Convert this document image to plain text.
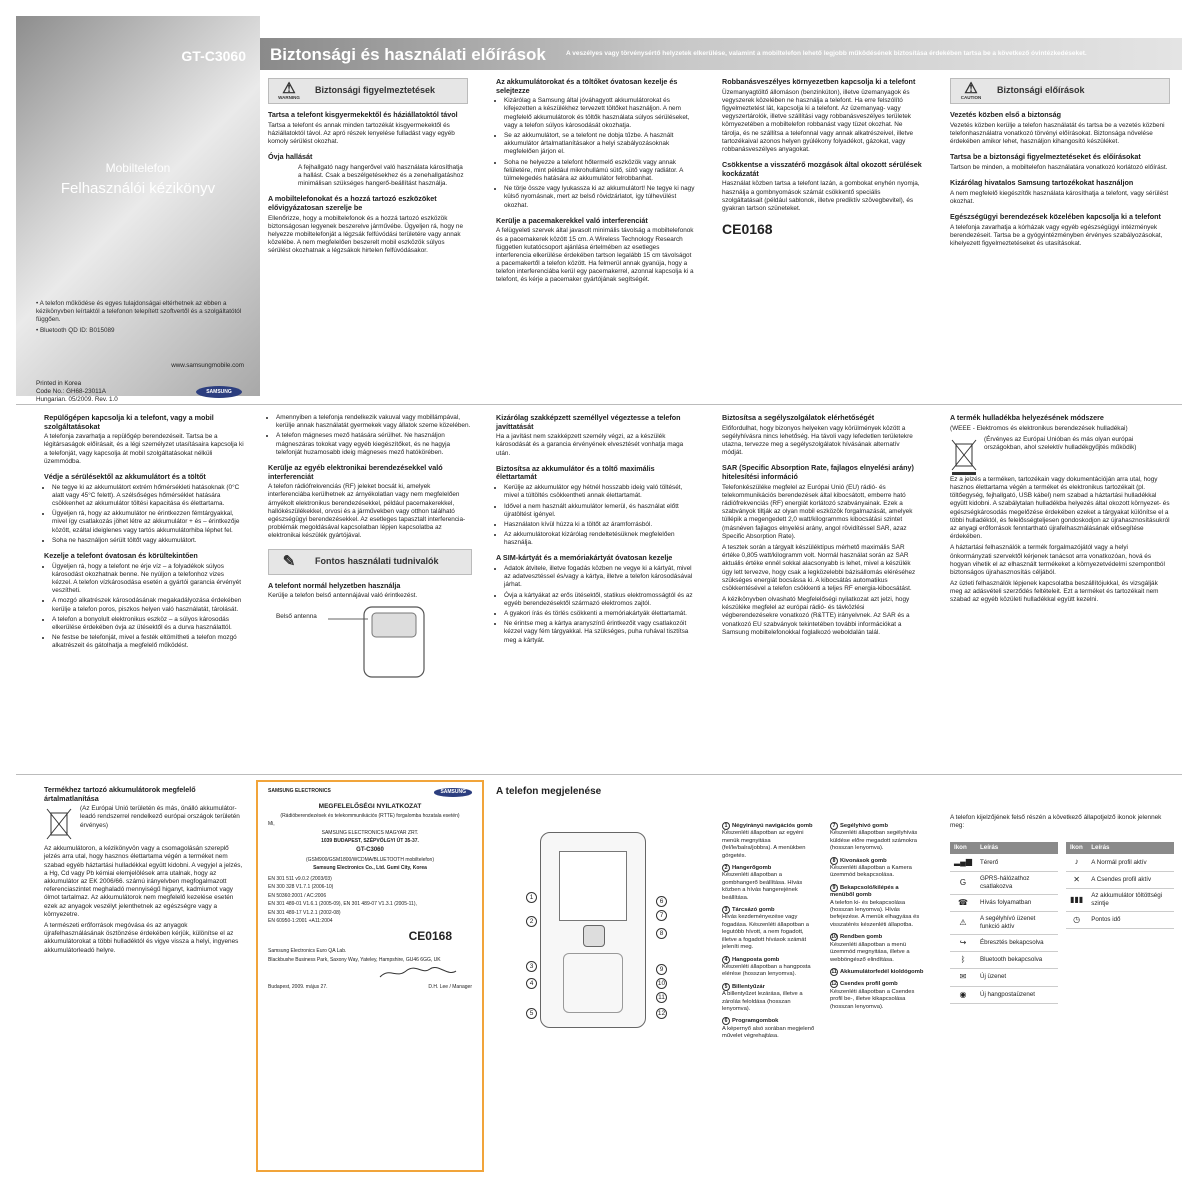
GT-C3060
Mobiltelefon
Felhasználói kézikönyv
• A telefon működése és egyes tulajdonságai eltérhetnek az ebben a kézikönyvben leírtaktól a telefonon telepített szoftvertől és a szolgáltatótól függően.
• Bluetooth QD ID: B015089
www.samsungmobile.com
Printed in Korea
Code No.: GH68-23011A
Hungarian. 05/2009. Rev. 1.0
SAMSUNG
Biztonsági és használati előírások	A veszélyes vagy törvénysértő helyzetek elkerülése, valamint a mobiltelefon lehető legjobb működésének biztosítása érdekében tartsa be a következő óvintézkedéseket.
⚠
WARNING
Biztonsági figyelmeztetések
Tartsa a telefont kisgyermekektől és háziállatoktól távol

Tartsa a telefont és annak minden tartozékát kisgyermekektől és háziállatoktól távol. Az apró részek lenyelése fulladást vagy egyéb komoly sérülést okozhat.

Óvja hallását

A fejhallgató nagy hangerővel való használata károsíthatja a hallást. Csak a beszélgetésekhez és a zenehallgatáshoz minimálisan szükséges hangerő-beállítást használja.

A mobiltelefonokat és a hozzá tartozó eszközöket elővigyázatosan szerelje be

Ellenőrizze, hogy a mobiltelefonok és a hozzá tartozó eszközök biztonságosan legyenek beszerelve járművébe. Ügyeljen rá, hogy ne helyezze mobiltelefonját a légzsák felfúvódási területére vagy annak közelébe. A nem megfelelően beszerelt mobil eszközök súlyos sérülést okozhatnak a légzsákok hirtelen felfúvódásakor.

Az akkumulátorokat és a töltőket óvatosan kezelje és selejtezze
• Kizárólag a Samsung által jóváhagyott akkumulátorokat és kifejezetten a készülékhez tervezett töltőket használjon. A nem megfelelő akkumulátorok és töltők használata súlyos sérüléseket, vagy a telefon súlyos károsodását okozhatja.
• Se az akkumulátort, se a telefont ne dobja tűzbe. A használt akkumulátor ártalmatlanításakor a helyi szabályozásoknak megfelelően járjon el.
• Soha ne helyezze a telefont hőtermelő eszközök vagy annak felületére, mint például mikrohullámú sütő, sütő vagy radiátor. A túlmelegedés hatására az akkumulátor felrobbanhat.
• Ne törje össze vagy lyukassza ki az akkumulátort! Ne tegye ki nagy külső nyomásnak, mert az belső rövidzárlatot, így túlhevülést okozhat.
Kerülje a pacemakerekkel való interferenciát

A felügyeleti szervek által javasolt minimális távolság a mobiltelefonok és a pacemakerek között 15 cm. A Wireless Technology Research független kutatócsoport ajánlása értelmében az esetleges interferencia elkerülése érdekében tartson legalább 15 cm távolságot a pacemakertől a telefon között. Ha felmerül annak gyanúja, hogy a telefon interferenciába kerül egy pacemakerrel, azonnal kapcsolja ki a telefont, és kérje a pacemaker gyártójának segítségét.

Robbanásveszélyes környezetben kapcsolja ki a telefont

Üzemanyagtöltő állomáson (benzinkúton), illetve üzemanyagok és vegyszerek közelében ne használja a telefont. Ha erre felszólító figyelmeztetést lát, kapcsolja ki a telefont. Az üzemanyag- vagy vegyszertárolók, illetve szállítási vagy robbanásveszélyes területek környezetében a mobiltelefon robbanást vagy tüzet okozhat. Ne tárolja, és ne szállítsa a telefonnal vagy annak alkatrészeivel, illetve tartozékaival azonos helyen gyúlékony folyadékot, gázokat, vagy robbanásveszélyes anyagokat.

Csökkentse a visszatérő mozgások által okozott sérülések kockázatát

Használat közben tartsa a telefont lazán, a gombokat enyhén nyomja, használja a gombnyomások számát csökkentő speciális szolgáltatásait (például sablonok, illetve prediktív szövegbevitel), és gyakran tartson szüneteket.

CE0168
⚠
CAUTION
Biztonsági előírások
Vezetés közben első a biztonság

Vezetés közben kerülje a telefon használatát és tartsa be a vezetés közbeni telefonhasználatra vonatkozó törvényi előírásokat. Biztonsága növelése érdekében amikor lehet, használjon kihangosító készüléket.

Tartsa be a biztonsági figyelmeztetéseket és előírásokat

Tartson be minden, a mobiltelefon használatára vonatkozó korlátozó előírást.

Kizárólag hivatalos Samsung tartozékokat használjon

A nem megfelelő kiegészítők használata károsíthatja a telefont, vagy sérülést okozhat.

Egészségügyi berendezések közelében kapcsolja ki a telefont

A telefonja zavarhatja a kórházak vagy egyéb egészségügyi intézmények berendezéseit. Tartsa be a gyógyintézményben érvényes szabályozásokat, kihelyezett figyelmeztetéseket és utasításokat.

Repülőgépen kapcsolja ki a telefont, vagy a mobil szolgáltatásokat

A telefonja zavarhatja a repülőgép berendezéseit. Tartsa be a légitársaságok előírásait, és a légi személyzet utasításaira kapcsolja ki a telefonját, vagy kapcsolja át mobil szolgáltatásokat nélküli üzemmódba.

Védje a sérülésektől az akkumulátort és a töltőt
• Ne tegye ki az akkumulátort extrém hőmérsékleti hatásoknak (0°C alatt vagy 45°C felett). A szélsőséges hőmérséklet hatására csökkenhet az akkumulátor töltési kapacitása és élettartama.
• Ügyeljen rá, hogy az akkumulátor ne érintkezzen fémtárgyakkal, mivel így csatlakozás jöhet létre az akkumulátor + és – érintkezője között, ezáltal ideiglenes vagy tartós akkumulátorhiba léphet fel.
• Soha ne használjon sérült töltőt vagy akkumulátort.
Kezelje a telefont óvatosan és körültekintően
• Ügyeljen rá, hogy a telefont ne érje víz – a folyadékok súlyos károsodást okozhatnak benne. Ne nyúljon a telefonhoz vizes kézzel. A telefon vízkárosodása esetén a gyártói garancia érvényét veszítheti.
• A mozgó alkatrészek károsodásának megakadályozása érdekében kerülje a telefon poros, piszkos helyen való használatát, tárolását.
• A telefon a bonyolult elektronikus eszköz – a súlyos károsodás elkerülése érdekében óvja az ütésektől és a durva használattól.
• Ne festse be telefonját, mivel a festék eltömítheti a telefon mozgó alkatrészeit és gátolhatja a megfelelő működést.
• Amennyiben a telefonja rendelkezik vakuval vagy mobillámpával, kerülje annak használatát gyermekek vagy állatok szeme közelében.
• A telefon mágneses mező hatására sérülhet. Ne használjon mágneszáras tokokat vagy egyéb kiegészítőket, és ne hagyja telefonját huzamosabb ideig mágneses mező hatókörében.
Kerülje az egyéb elektronikai berendezésekkel való interferenciát

A telefon rádiófrekvenciás (RF) jeleket bocsát ki, amelyek interferenciába kerülhetnek az árnyékolatlan vagy nem megfelelően árnyékolt elektronikus berendezésekkel, például pacemakerekkel, hallókészülékekkel, orvosi és a járművekben vagy otthon található egészségügyi berendezésekkel. Az esetleges tapasztalt interferencia-problémák megoldásával kapcsolatban lépjen kapcsolatba az elektronikai készülék gyártójával.

✎	Fontos használati tudnivalók
A telefont normál helyzetben használja

Kerülje a telefon belső antennájával való érintkezést.

Belső antenna
Kizárólag szakképzett személlyel végeztesse a telefon javíttatását

Ha a javítást nem szakképzett személy végzi, az a készülék károsodását és a garancia érvényének elvesztését vonhatja maga után.

Biztosítsa az akkumulátor és a töltő maximális élettartamát
• Kerülje az akkumulátor egy hétnél hosszabb ideig való töltését, mivel a túltöltés csökkentheti annak élettartamát.
• Idővel a nem használt akkumulátor lemerül, és használat előtt újratöltést igényel.
• Használaton kívül húzza ki a töltőt az áramforrásból.
• Az akkumulátorokat kizárólag rendeltetésüknek megfelelően használja.
A SIM-kártyát és a memóriakártyát óvatosan kezelje
• Adatok átvitele, illetve fogadás közben ne vegye ki a kártyát, mivel az adatvesztéssel és/vagy a kártya, illetve a telefon károsodásával járhat.
• Óvja a kártyákat az erős ütésektől, statikus elektromosságtól és az egyéb berendezésektől származó elektromos zajtól.
• A gyakori írás és törlés csökkenti a memóriakártyák élettartamát.
• Ne érintse meg a kártya aranyszínű érintkezőit vagy csatlakozóit kézzel vagy fém tárgyakkal. Ha szükséges, puha ruhával tisztítsa meg a kártyát.
Biztosítsa a segélyszolgálatok elérhetőségét

Előfordulhat, hogy bizonyos helyeken vagy körülmények között a segélyhívásra nincs lehetőség. Ha távoli vagy lefedetlen területekre utazna, tervezze meg a segélyszolgálatok hívásának alternatív módját.

SAR (Specific Absorption Rate, fajlagos elnyelési arány) hitelesítési információ

Telefonkészüléke megfelel az Európai Unió (EU) rádió- és telekommunikációs berendezések által kibocsátott, emberre ható rádiófrekvenciás (RF) energiát korlátozó szabványainak. Ezek a szabványok tiltják az olyan mobil eszközök forgalmazását, amelyek túllépik a megengedett 2,0 watt/kilogrammos kibocsátási szintet (másnéven fajlagos elnyelési arány, angol rövidítéssel SAR, azaz Specific Absorption Rate).

A tesztek során a tárgyalt készüléktípus mérhető maximális SAR értéke 0,805 watt/kilogramm volt. Normál használat során az SAR aktuális értéke ennél sokkal alacsonyabb is lehet, mivel a készülék úgy lett tervezve, hogy csak a legközelebbi bázisállomás eléréséhez szükséges energiát bocsássa ki. A kibocsátás automatikus csökkentésével a telefon csökkenti a teljes RF energia-kibocsátást.

A kézikönyvben olvasható Megfelelőségi nyilatkozat azt jelzi, hogy készüléke megfelel az európai rádió- és távközlési végberendezésekre vonatkozó (R&TTE) irányelvnek. Az SAR és a vonatkozó EU szabványok tekintetében további információkat a Samsung mobiltelefonokkal foglalkozó weboldalán talál.

A termék hulladékba helyezésének módszere

(WEEE - Elektromos és elektronikus berendezések hulladékai)

(Érvényes az Európai Unióban és más olyan európai országokban, ahol szelektív hulladékgyűjtés működik)

Ez a jelzés a terméken, tartozékain vagy dokumentációján arra utal, hogy hasznos élettartama végén a terméket és elektronikus tartozékait (pl. töltőegység, fejhallgató, USB kábel) nem szabad a háztartási hulladékkal együtt kidobni. A szabálytalan hulladékba helyezés által okozott környezet- és egészségkárosodás megelőzése érdekében ezeket a tárgyakat különítse el a többi hulladéktól, és felelősségteljesen gondoskodjon az újrahasznosításukról az anyagi erőforrások fenntartható újrafelhasználásának elősegítése érdekében.

A háztartási felhasználók a termék forgalmazójától vagy a helyi önkormányzati szervektől kérjenek tanácsot arra vonatkozóan, hová és hogyan vihetik el az elhasznált termékeket a környezetvédelmi szempontból biztonságos újrahasznosítás céljából.

Az üzleti felhasználók lépjenek kapcsolatba beszállítójukkal, és vizsgálják meg az adásvételi szerződés feltételeit. Ezt a terméket és tartozékait nem szabad az egyéb közületi hulladékkal együtt kezelni.

Termékhez tartozó akkumulátorok megfelelő ártalmatlanítása

(Az Európai Unió területén és más, önálló akkumulátor-leadó rendszerrel rendelkező európai országok területén érvényes)

Az akkumulátoron, a kézikönyvön vagy a csomagolásán szereplő jelzés arra utal, hogy hasznos élettartama végén a terméket nem szabad egyéb háztartási hulladékkal együtt kidobni. A vegyjel a jelzés, a Hg, Cd vagy Pb kémiai elemjelölések arra utalnak, hogy az akkumulátor az EK 2006/66. számú irányelvben megfogalmazott referenciaszintet meghaladó mennyiségű higanyt, kadmiumot vagy ólmot tartalmaz. Az akkumulátorok nem megfelelő kezelése esetén ezek az anyagok veszélyt jelenthetnek az egészségre vagy a környezetre.

A természeti erőforrások megóvása és az anyagok újrafelhasználásának ösztönzése érdekében kérjük, különítse el az akkumulátorokat a többi hulladéktól és vigye vissza a helyi, ingyenes akkumulátorleadó helyre.

SAMSUNG ELECTRONICS	SAMSUNG
MEGFELELŐSÉGI NYILATKOZAT

(Rádióberendezések és telekommunikációs (RTTE) forgalomba hozatala esetén)

Mi,

SAMSUNG ELECTRONICS MAGYAR ZRT.

1039 BUDAPEST, SZÉPVÖLGYI ÚT 35-37.

GT-C3060

(GSM900/GSM1800/WCDMA/BLUETOOTH mobiltelefon)

Samsung Electronics Co., Ltd. Gumi City, Korea

EN 301 511 v9.0.2 (2003/03)

EN 300 328 V1.7.1 (2006-10)

EN 50360:2001 / AC:2006

EN 301 489-01 V1.6.1 (2005-09), EN 301 489-07 V1.3.1 (2005-11),

EN 301 489-17 V1.2.1 (2002-08)

EN 60950-1:2001 +A11:2004

CE0168

Samsung Electronics Euro QA Lab.

Blackbushe Business Park, Saxony Way, Yateley, Hampshire, GU46 6GG, UK

Budapest, 2009. május 27.	D.H. Lee / Manager
A telefon megjelenése
1
2
3
4
5
6
7
8
9
10
11
12
1 Négyirányú navigációs gomb
Készenléti állapotban az egyéni menük megnyitása (fel/le/balra/jobbra). A menükben görgetés.
2 Hangerőgomb
Készenléti állapotban a gombhangerő beállítása. Hívás közben a hívás hangerejének beállítása.
3 Tárcsázó gomb
Hívás kezdeményezése vagy fogadása. Készenléti állapotban a legutóbb hívott, a nem fogadott, illetve a fogadott hívások számát jeleníti meg.
4 Hangposta gomb
Készenléti állapotban a hangposta elérése (hosszan lenyomva).
5 Billentyűzár
A billentyűzet lezárása, illetve a zárolás feloldása (hosszan lenyomva).
6 Programgombok
A képernyő alsó sorában megjelenő művelet végrehajtása.
7 Segélyhívó gomb
Készenléti állapotban segélyhívás küldése előre megadott számokra (hosszan lenyomva).
8 Kivonások gomb
Készenléti állapotban a Kamera üzemmód bekapcsolása.
9 Bekapcsoló/kilépés a menüből gomb
A telefon ki- és bekapcsolása (hosszan lenyomva). Hívás befejezése. A menük elhagyása és visszatérés készenléti állapotba.
10 Rendben gomb
Készenléti állapotban a menü üzemmód megnyitása, illetve a webböngésző elindítása.
11 Akkumulátorfedél kioldógomb
12 Csendes profil gomb
Készenléti állapotban a Csendes profil be-, illetve kikapcsolása (hosszan lenyomva).

A telefon kijelzőjének felső részén a következő állapotjelző ikonok jelennek meg:

Ikon	Leírás
▂▄▆	Térerő
G	GPRS-hálózathoz csatlakozva
☎	Hívás folyamatban
⚠	A segélyhívó üzenet funkció aktív
↪	Ébresztés bekapcsolva
ᛒ	Bluetooth bekapcsolva
✉	Új üzenet
◉	Új hangpostaüzenet
Ikon	Leírás
♪	A Normál profil aktív
✕	A Csendes profil aktív
▮▮▮	Az akkumulátor töltöttségi szintje
◷	Pontos idő
